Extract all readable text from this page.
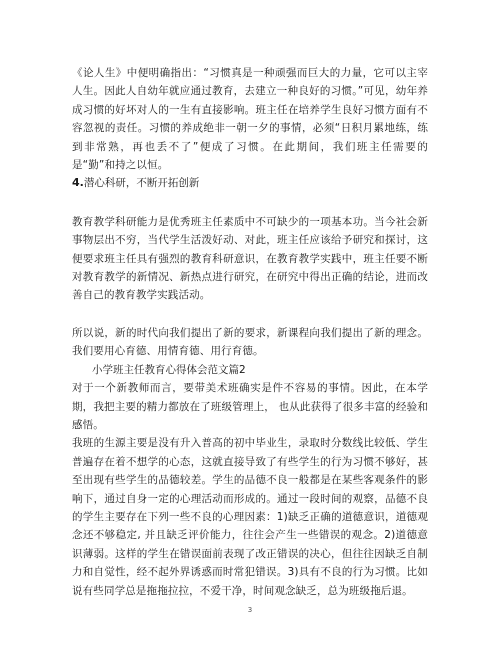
《论人生》中便明确指出：“习惯真是一种顽强而巨大的力量，它可以主宰人生。因此人自幼年就应通过教育，去建立一种良好的习惯。”可见，幼年养成习惯的好坏对人的一生有直接影响。班主任在培养学生良好习惯方面有不容忽视的责任。习惯的养成绝非一朝一夕的事情，必须“日积月累地练，练到非常熟，再也丢不了”便成了习惯。在此期间，我们班主任需要的是“勤”和持之以恒。

4.潜心科研，不断开拓创新

教育教学科研能力是优秀班主任素质中不可缺少的一项基本功。当今社会新事物层出不穷，当代学生活泼好动、对此，班主任应该给予研究和探讨，这便要求班主任具有强烈的教育科研意识，在教育教学实践中，班主任要不断对教育教学的新情况、新热点进行研究，在研究中得出正确的结论，进而改善自己的教育教学实践活动。

所以说，新的时代向我们提出了新的要求，新课程向我们提出了新的理念。我们要用心育德、用情育德、用行育德。

小学班主任教育心得体会范文篇2

对于一个新教师而言，要带美术班确实是件不容易的事情。因此，在本学期，我把主要的精力都放在了班级管理上， 也从此获得了很多丰富的经验和感悟。

我班的生源主要是没有升入普高的初中毕业生，录取时分数线比较低、学生普遍存在着不想学的心态，这就直接导致了有些学生的行为习惯不够好，甚至出现有些学生的品德较差。学生的品德不良一般都是在某些客观条件的影响下，通过自身一定的心理活动而形成的。通过一段时间的观察，品德不良的学生主要存在下列一些不良的心理因素：1)缺乏正确的道德意识，道德观念还不够稳定, 并且缺乏评价能力，往往会产生一些错误的观念。2)道德意识薄弱。这样的学生在错误面前表现了改正错误的决心，但往往因缺乏自制力和自觉性，经不起外界诱惑而时常犯错误。3)具有不良的行为习惯。比如说有些同学总是拖拖拉拉，不爱干净，时间观念缺乏，总为班级拖后退。

3
